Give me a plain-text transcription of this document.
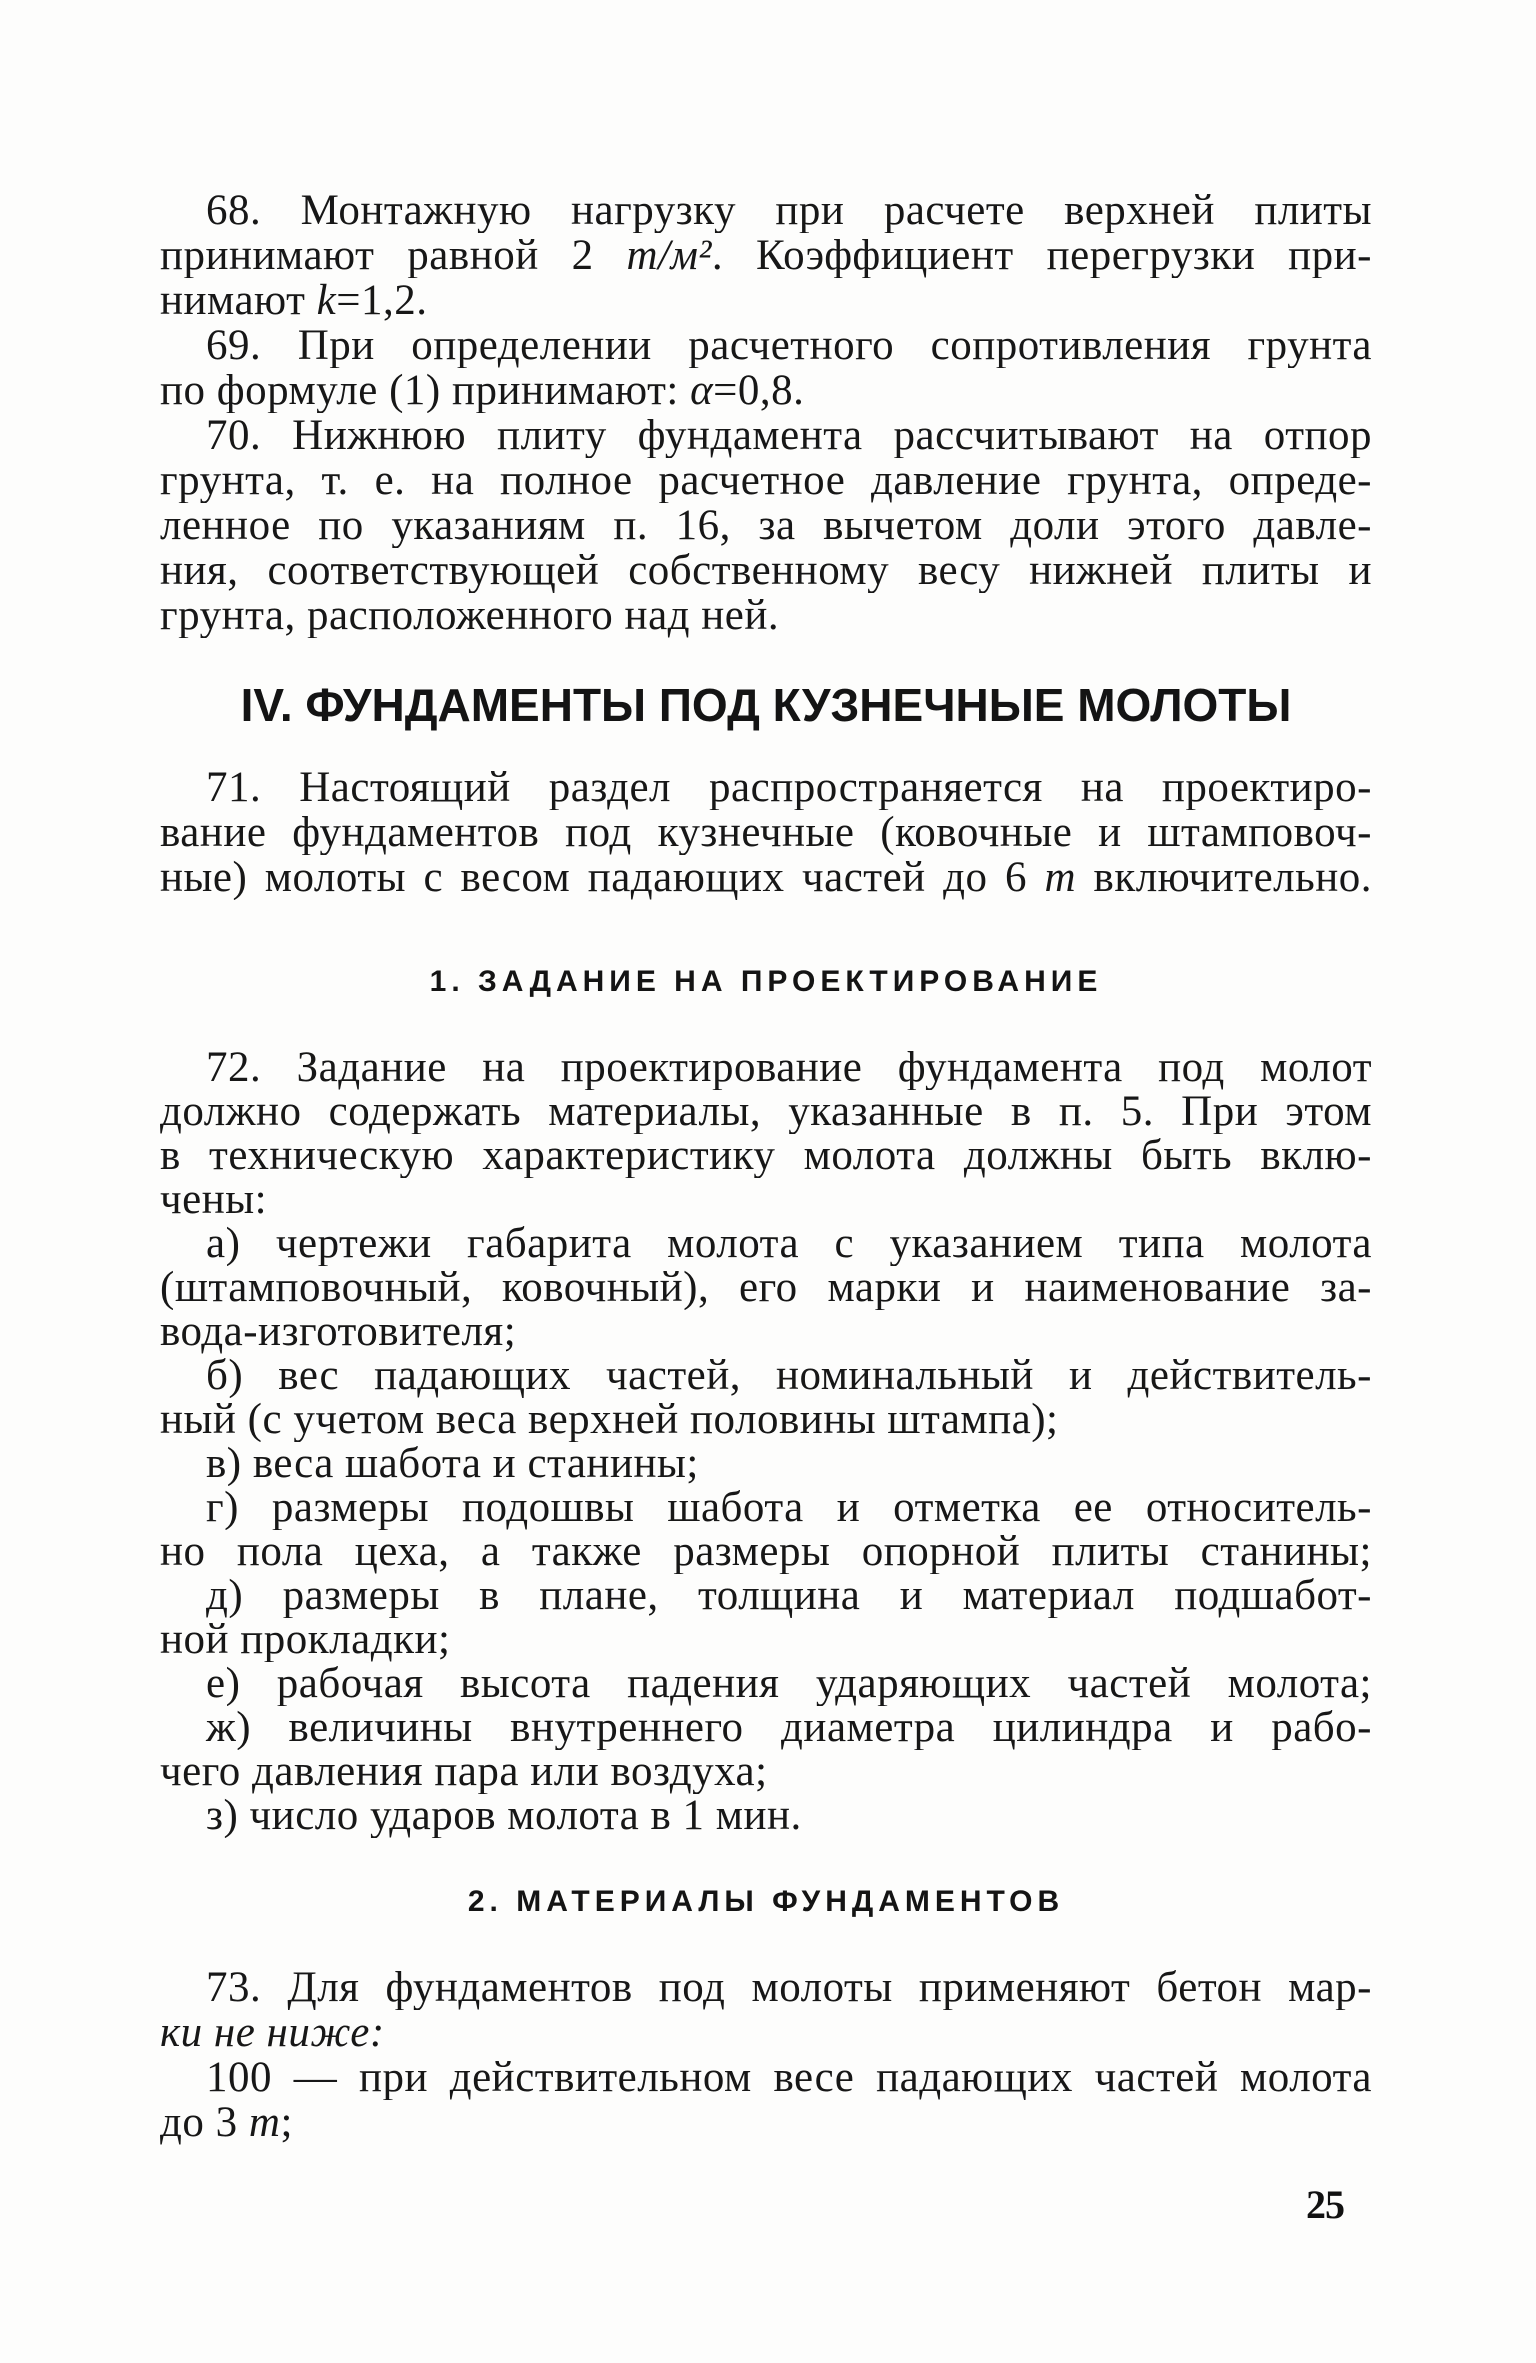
68. Монтажную нагрузку при расчете верхней плиты
принимают равной 2 т/м². Коэффициент перегрузки при-
нимают k=1,2.
69. При определении расчетного сопротивления грунта
по формуле (1) принимают: α=0,8.
70. Нижнюю плиту фундамента рассчитывают на отпор
грунта, т. е. на полное расчетное давление грунта, опреде-
ленное по указаниям п. 16, за вычетом доли этого давле-
ния, соответствующей собственному весу нижней плиты и
грунта, расположенного над ней.
IV. ФУНДАМЕНТЫ ПОД КУЗНЕЧНЫЕ МОЛОТЫ
71. Настоящий раздел распространяется на проектиро-
вание фундаментов под кузнечные (ковочные и штамповоч-
ные) молоты с весом падающих частей до 6 т включительно.
1. ЗАДАНИЕ НА ПРОЕКТИРОВАНИЕ
72. Задание на проектирование фундамента под молот
должно содержать материалы, указанные в п. 5. При этом
в техническую характеристику молота должны быть вклю-
чены:
а) чертежи габарита молота с указанием типа молота
(штамповочный, ковочный), его марки и наименование за-
вода-изготовителя;
б) вес падающих частей, номинальный и действитель-
ный (с учетом веса верхней половины штампа);
в) веса шабота и станины;
г) размеры подошвы шабота и отметка ее относитель-
но пола цеха, а также размеры опорной плиты станины;
д) размеры в плане, толщина и материал подшабот-
ной прокладки;
е) рабочая высота падения ударяющих частей молота;
ж) величины внутреннего диаметра цилиндра и рабо-
чего давления пара или воздуха;
з) число ударов молота в 1 мин.
2. МАТЕРИАЛЫ ФУНДАМЕНТОВ
73. Для фундаментов под молоты применяют бетон мар-
ки не ниже:
100 — при действительном весе падающих частей молота
до 3 т;
25
